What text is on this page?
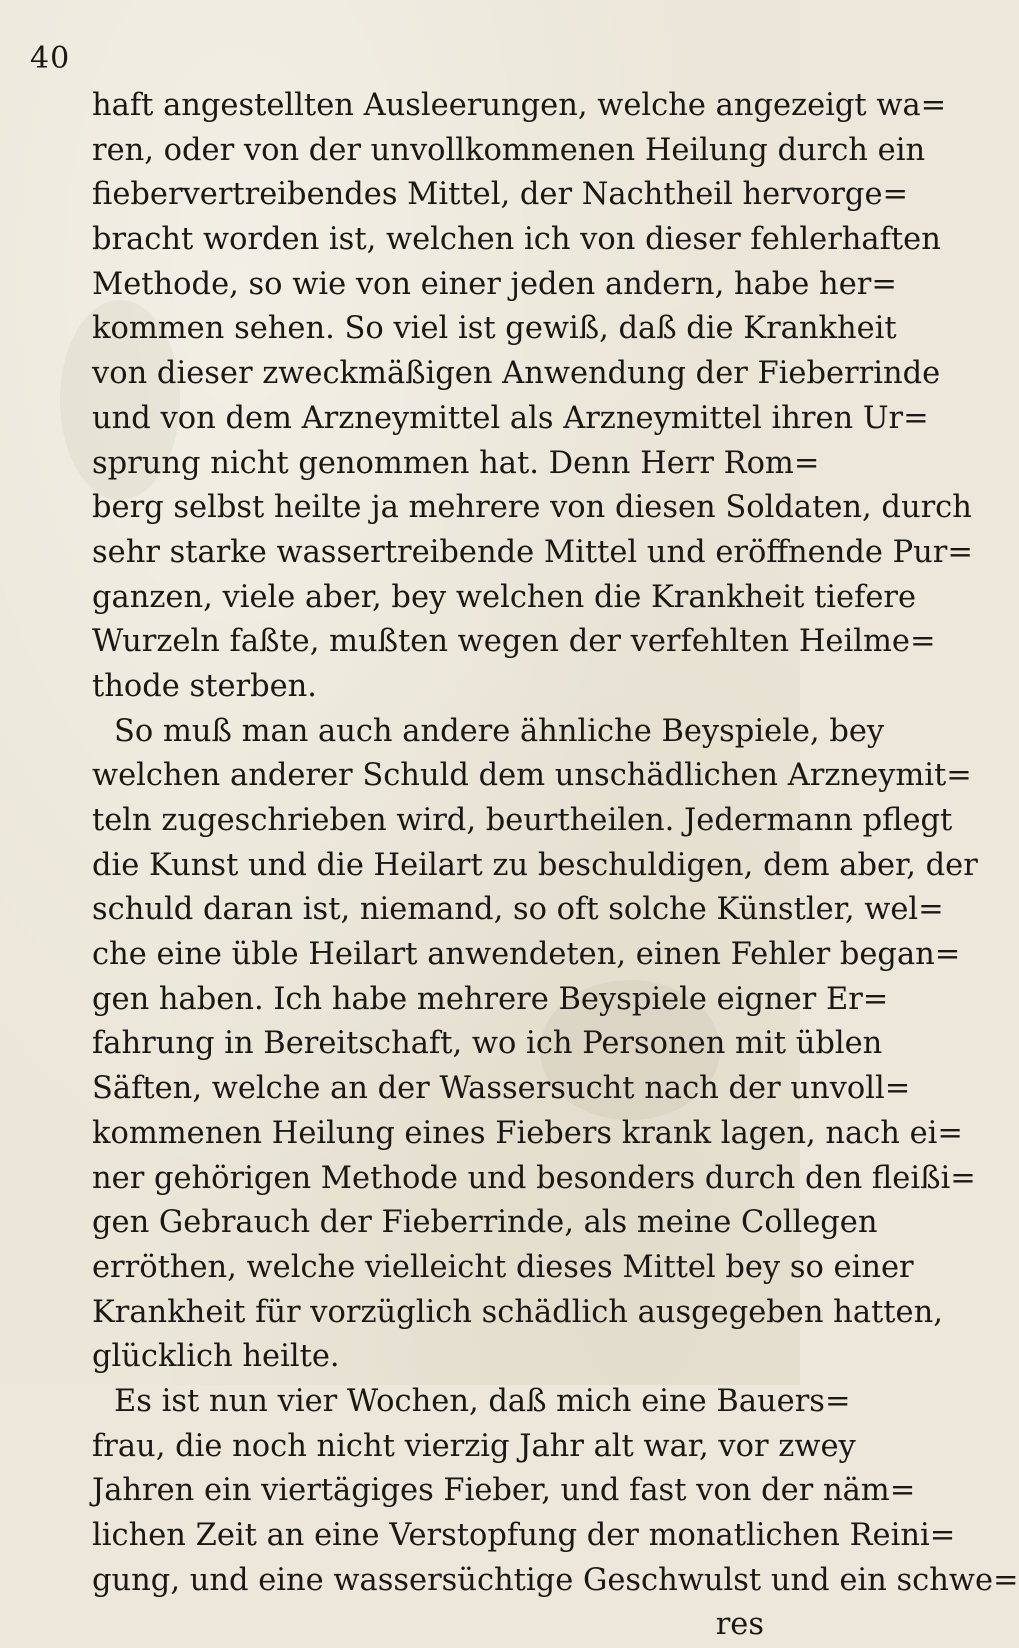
40
haft angestellten Ausleerungen, welche angezeigt wa=
ren, oder von der unvollkommenen Heilung durch ein
fiebervertreibendes Mittel, der Nachtheil hervorge=
bracht worden ist, welchen ich von dieser fehlerhaften
Methode, so wie von einer jeden andern, habe her=
kommen sehen. So viel ist gewiß, daß die Krankheit
von dieser zweckmäßigen Anwendung der Fieberrinde
und von dem Arzneymittel als Arzneymittel ihren Ur=
sprung nicht genommen hat. Denn Herr Rom=
berg selbst heilte ja mehrere von diesen Soldaten, durch
sehr starke wassertreibende Mittel und eröffnende Pur=
ganzen, viele aber, bey welchen die Krankheit tiefere
Wurzeln faßte, mußten wegen der verfehlten Heilme=
thode sterben.
So muß man auch andere ähnliche Beyspiele, bey
welchen anderer Schuld dem unschädlichen Arzneymit=
teln zugeschrieben wird, beurtheilen. Jedermann pflegt
die Kunst und die Heilart zu beschuldigen, dem aber, der
schuld daran ist, niemand, so oft solche Künstler, wel=
che eine üble Heilart anwendeten, einen Fehler began=
gen haben. Ich habe mehrere Beyspiele eigner Er=
fahrung in Bereitschaft, wo ich Personen mit üblen
Säften, welche an der Wassersucht nach der unvoll=
kommenen Heilung eines Fiebers krank lagen, nach ei=
ner gehörigen Methode und besonders durch den fleißi=
gen Gebrauch der Fieberrinde, als meine Collegen
erröthen, welche vielleicht dieses Mittel bey so einer
Krankheit für vorzüglich schädlich ausgegeben hatten,
glücklich heilte.
Es ist nun vier Wochen, daß mich eine Bauers=
frau, die noch nicht vierzig Jahr alt war, vor zwey
Jahren ein viertägiges Fieber, und fast von der näm=
lichen Zeit an eine Verstopfung der monatlichen Reini=
gung, und eine wassersüchtige Geschwulst und ein schwe=
res
